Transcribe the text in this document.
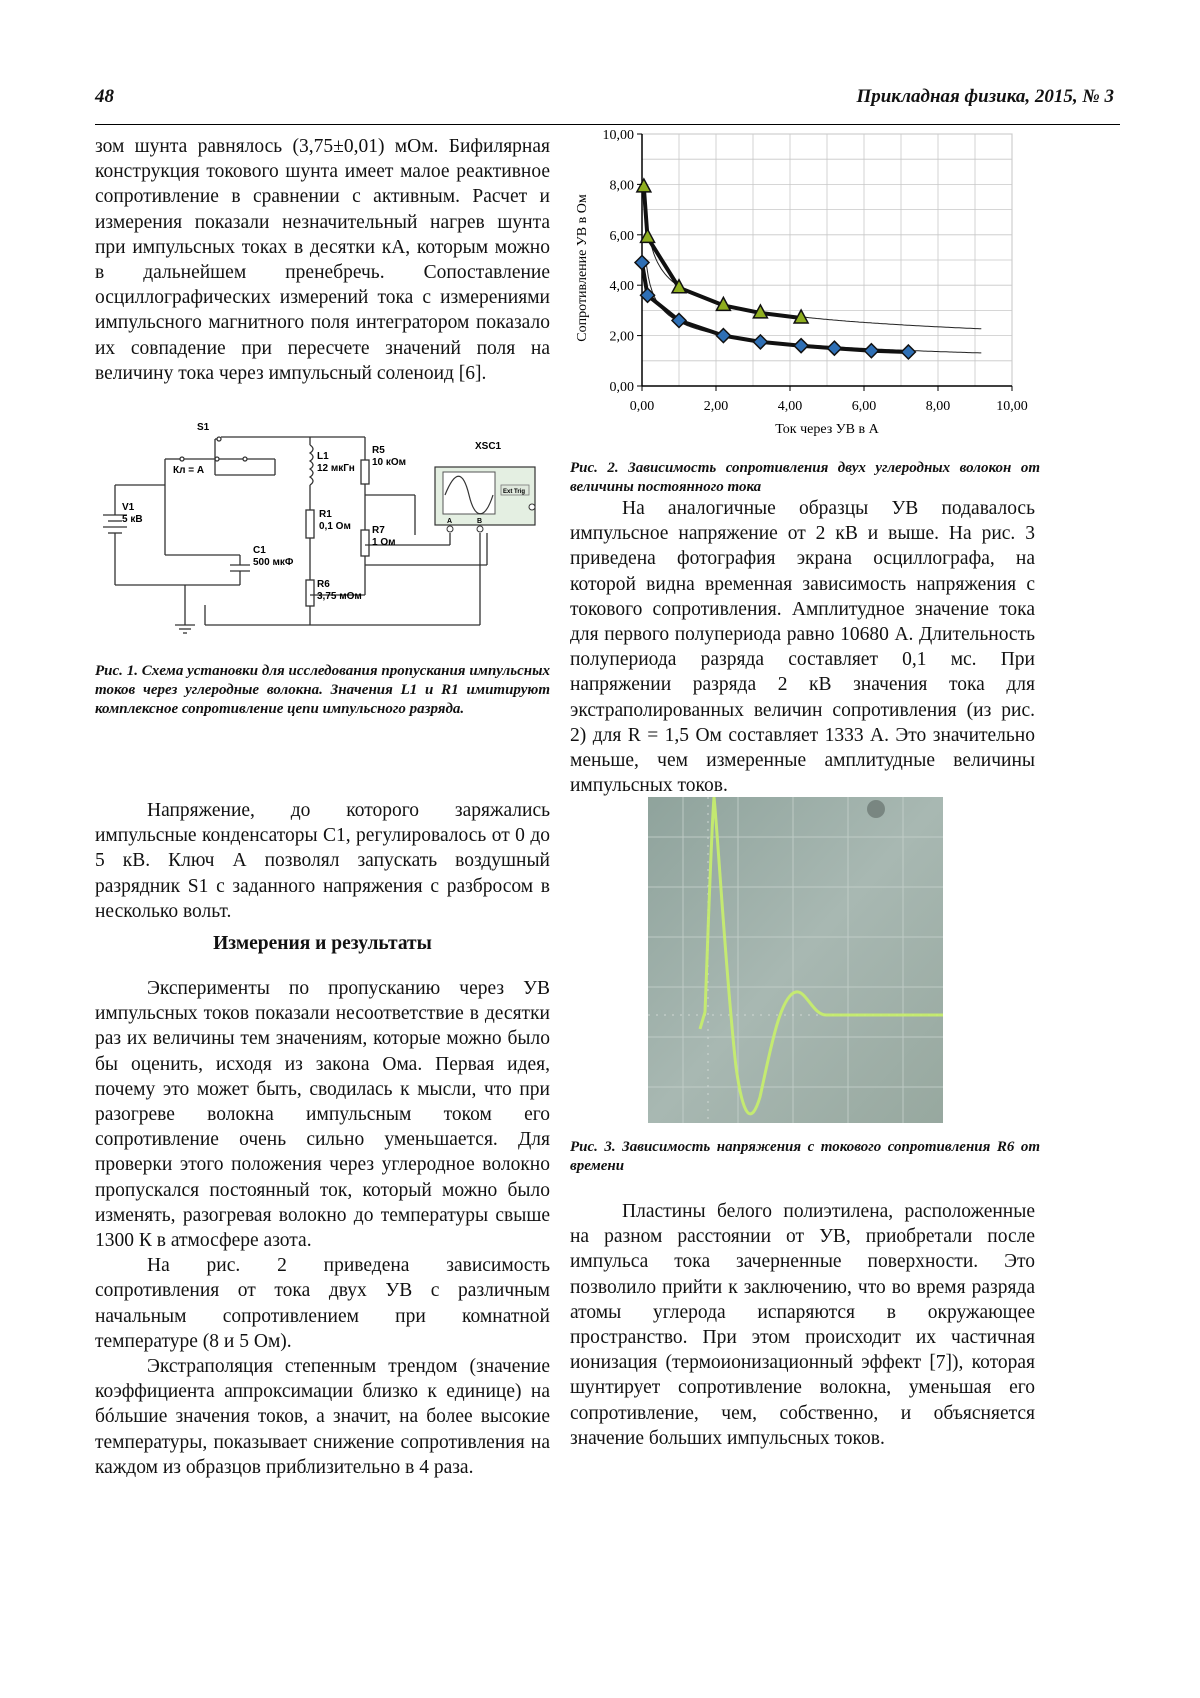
48	Прикладная физика, 2015, № 3

зом шунта равнялось (3,75±0,01) мОм. Бифилярная конструкция токового шунта имеет малое реактивное сопротивление в сравнении с активным. Расчет и измерения показали незначительный нагрев шунта при импульсных токах в десятки кА, которым можно в дальнейшем пренебречь. Сопоставление осциллографических измерений тока с измерениями импульсного магнитного поля интегратором показало их совпадение при пересчете значений поля на величину тока через импульсный соленоид [6].

S1
Кл = A
V1
5 кВ
C1
500 мкФ
L1
12 мкГн
R5
10 кОм
R1
0,1 Ом R7
1 Ом
R6
3,75 мОм
XSC1
Ext Trig
A	B
Рис. 1. Схема установки для исследования пропускания импульсных токов через углеродные волокна. Значения L1 и R1 имитируют комплексное сопротивление цепи импульсного разряда.

Напряжение, до которого заряжались импульсные конденсаторы С1, регулировалось от 0 до 5 кВ. Ключ А позволял запускать воздушный разрядник S1 с заданного напряжения с разбросом в несколько вольт.

Измерения и результаты

Эксперименты по пропусканию через УВ импульсных токов показали несоответствие в десятки раз их величины тем значениям, которые можно было бы оценить, исходя из закона Ома. Первая идея, почему это может быть, сводилась к мысли, что при разогреве волокна импульсным током его сопротивление очень сильно уменьшается. Для проверки этого положения через углеродное волокно пропускался постоянный ток, который можно было изменять, разогревая волокно до температуры свыше 1300 К в атмосфере азота.

На рис. 2 приведена зависимость сопротивления от тока двух УВ с различным начальным сопротивлением при комнатной температуре (8 и 5 Ом).

Экстраполяция степенным трендом (значение коэффициента аппроксимации близко к единице) на бóльшие значения токов, а значит, на более высокие температуры, показывает снижение сопротивления на каждом из образцов приблизительно в 4 раза.

0,00
2,00
4,00
6,00
8,00
10,00
0,00	2,00	4,00	6,00	8,00	10,00
Сопротивление УВ в Ом
Ток через УВ в А
Рис. 2. Зависимость сопротивления двух углеродных волокон от величины постоянного тока

На аналогичные образцы УВ подавалось импульсное напряжение от 2 кВ и выше. На рис. 3 приведена фотография экрана осциллографа, на которой видна временная зависимость напряжения с токового сопротивления. Амплитудное значение тока для первого полупериода равно 10680 А. Длительность полупериода разряда составляет 0,1 мс. При напряжении разряда 2 кВ значения тока для экстраполированных величин сопротивления (из рис. 2) для R = 1,5 Ом составляет 1333 А. Это значительно меньше, чем измеренные амплитудные величины импульсных токов.

Рис. 3. Зависимость напряжения с токового сопротивления R6 от времени

Пластины белого полиэтилена, расположенные на разном расстоянии от УВ, приобретали после импульса тока зачерненные поверхности. Это позволило прийти к заключению, что во время разряда атомы углерода испаряются в окружающее пространство. При этом происходит их частичная ионизация (термоионизационный эффект [7]), которая шунтирует сопротивление волокна, уменьшая его сопротивление, чем, собственно, и объясняется значение больших импульсных токов.
